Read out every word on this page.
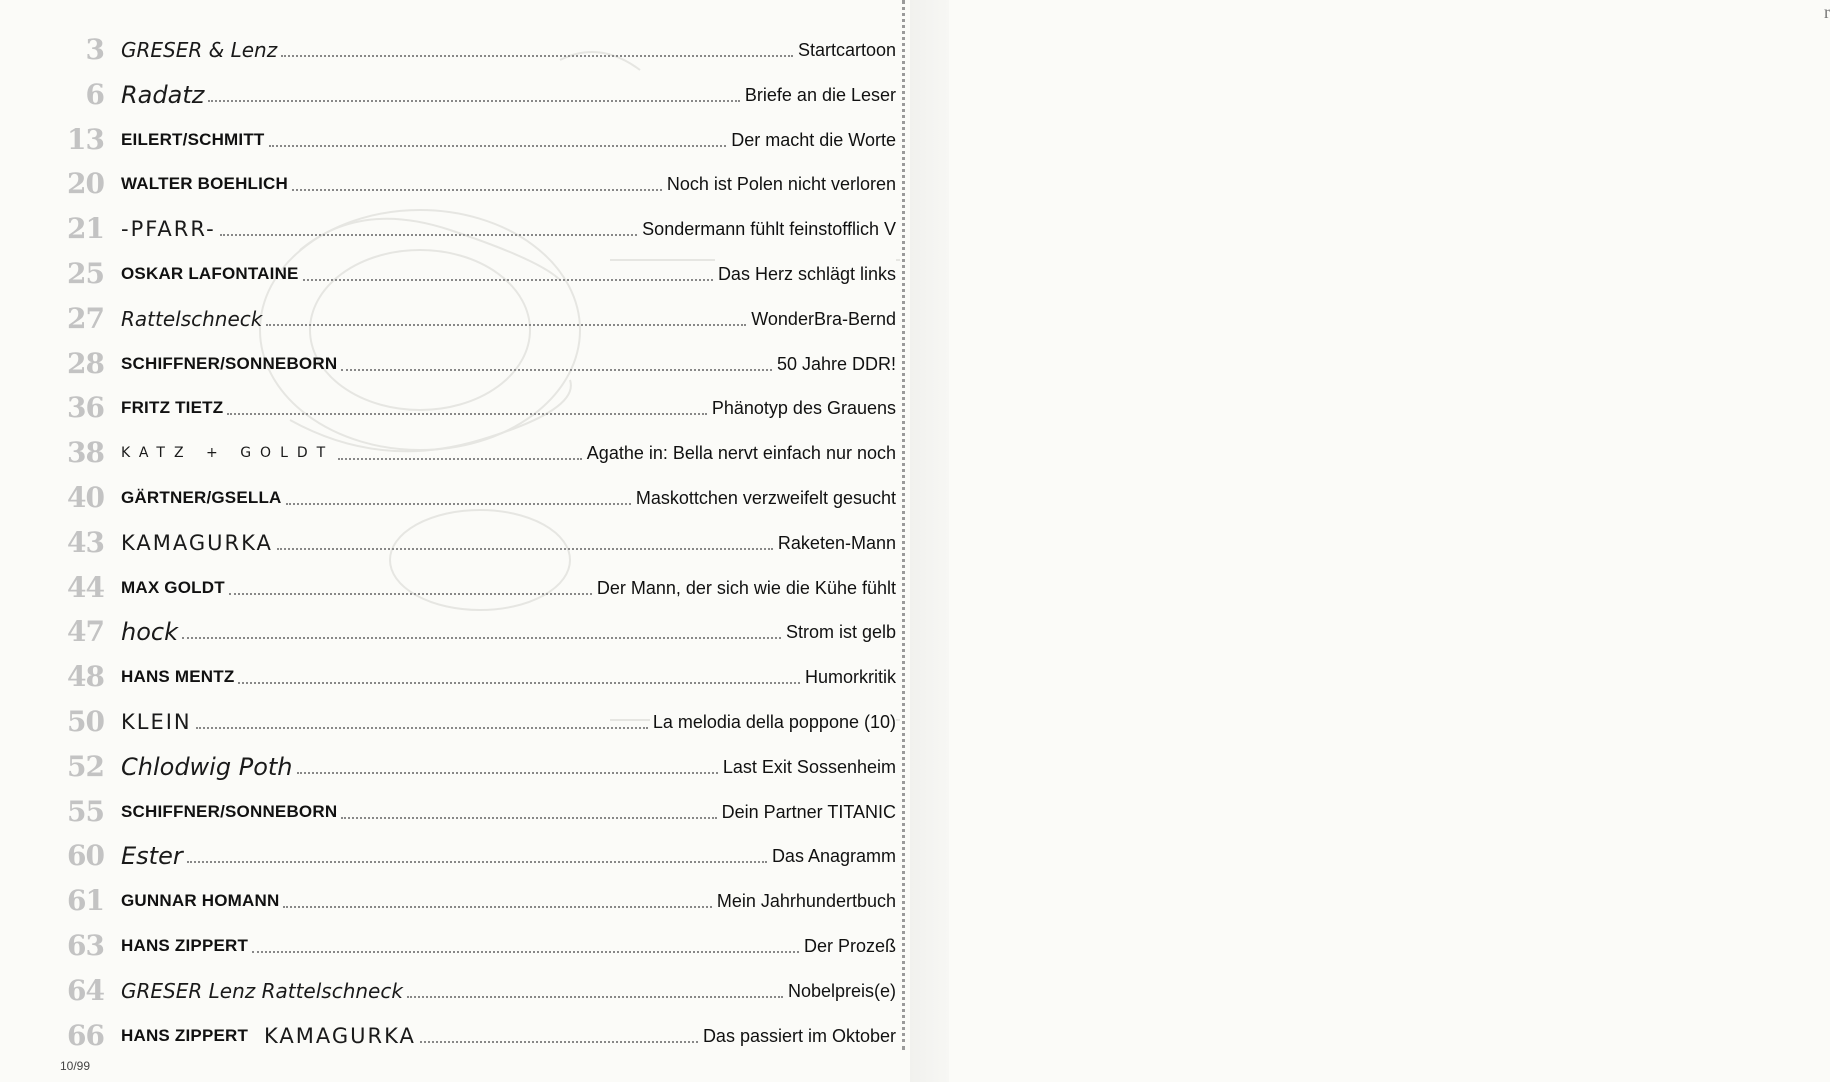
r
3 GRESER & Lenz	Startcartoon
6 Radatz	Briefe an die Leser
13 EILERT/SCHMITT	Der macht die Worte
20 WALTER BOEHLICH	Noch ist Polen nicht verloren
21 -PFARR-	Sondermann fühlt feinstofflich V
25 OSKAR LAFONTAINE	Das Herz schlägt links
27 Rattelschneck	WonderBra-Bernd
28 SCHIFFNER/SONNEBORN	50 Jahre DDR!
36 FRITZ TIETZ	Phänotyp des Grauens
38 KATZ + GOLDT	Agathe in: Bella nervt einfach nur noch
40 GÄRTNER/GSELLA	Maskottchen verzweifelt gesucht
43 KAMAGURKA	Raketen-Mann
44 MAX GOLDT	Der Mann, der sich wie die Kühe fühlt
47 hock	Strom ist gelb
48 HANS MENTZ	Humorkritik
50 KLEIN	La melodia della poppone (10)
52 Chlodwig Poth	Last Exit Sossenheim
55 SCHIFFNER/SONNEBORN	Dein Partner TITANIC
60 Ester	Das Anagramm
61 GUNNAR HOMANN	Mein Jahrhundertbuch
63 HANS ZIPPERT	Der Prozeß
64 GRESER Lenz Rattelschneck	Nobelpreis(e)
66 HANS ZIPPERT KAMAGURKA	Das passiert im Oktober
10/99
